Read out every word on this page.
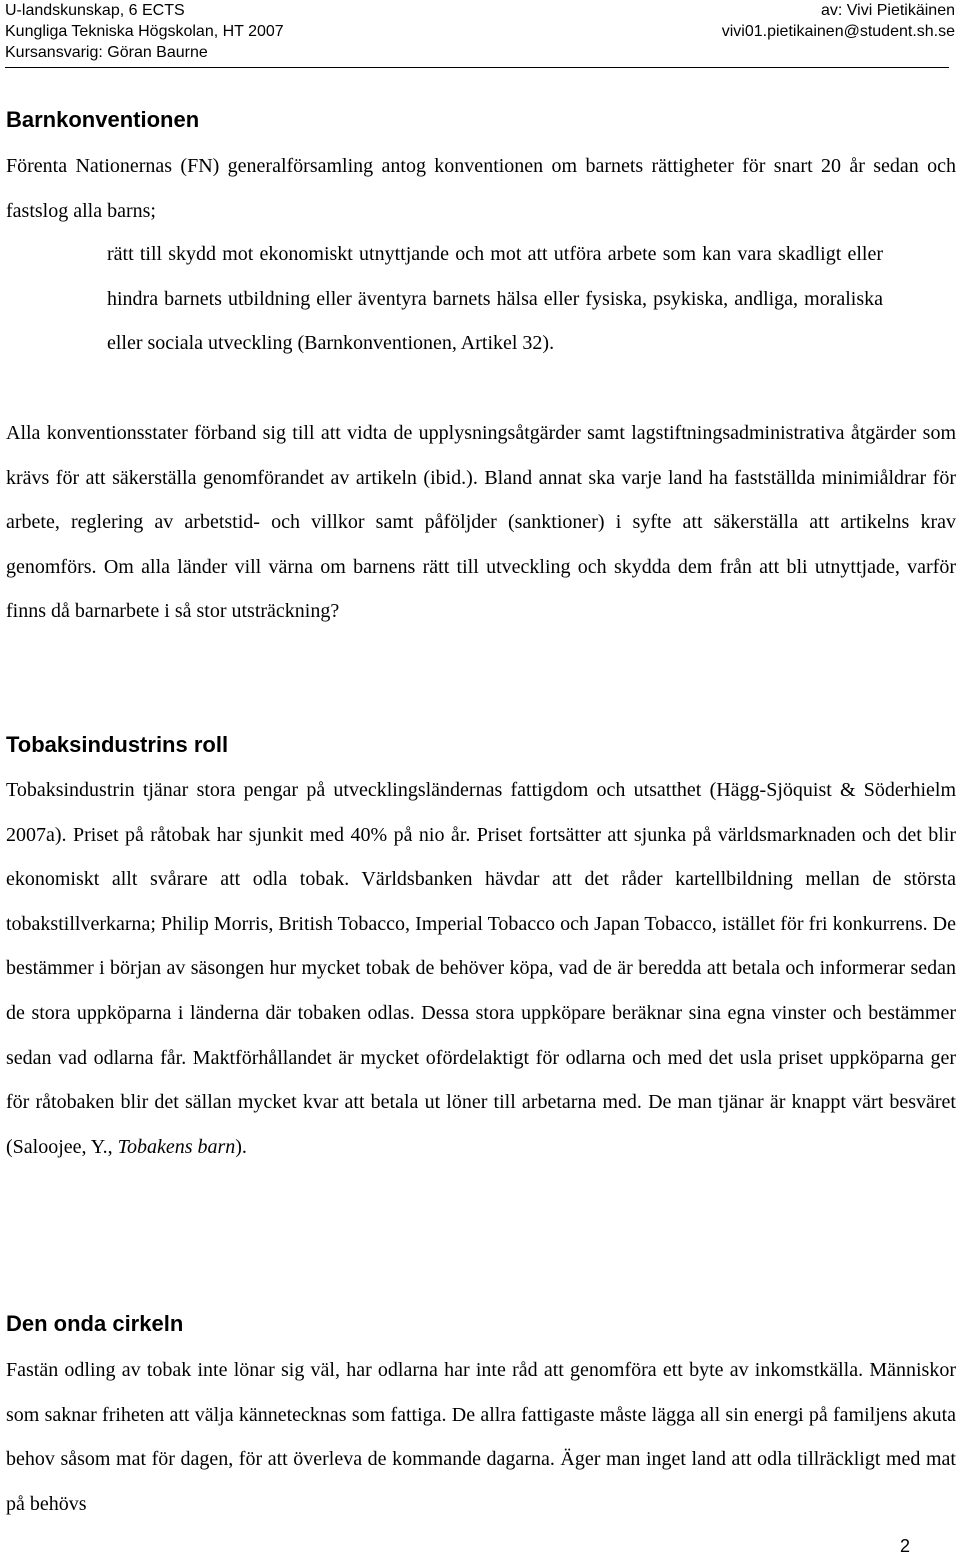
U-landskunskap, 6 ECTS
Kungliga Tekniska Högskolan, HT 2007
Kursansvarig: Göran Baurne
av: Vivi Pietikäinen
vivi01.pietikainen@student.sh.se
Barnkonventionen

Förenta Nationernas (FN) generalförsamling antog konventionen om barnets rättigheter för snart 20 år sedan och fastslog alla barns;

rätt till skydd mot ekonomiskt utnyttjande och mot att utföra arbete som kan vara skadligt eller hindra barnets utbildning eller äventyra barnets hälsa eller fysiska, psykiska, andliga, moraliska eller sociala utveckling (Barnkonventionen, Artikel 32).

Alla konventionsstater förband sig till att vidta de upplysningsåtgärder samt lagstiftningsadministrativa åtgärder som krävs för att säkerställa genomförandet av artikeln (ibid.). Bland annat ska varje land ha fastställda minimiåldrar för arbete, reglering av arbetstid- och villkor samt påföljder (sanktioner) i syfte att säkerställa att artikelns krav genomförs. Om alla länder vill värna om barnens rätt till utveckling och skydda dem från att bli utnyttjade, varför finns då barnarbete i så stor utsträckning?

Tobaksindustrins roll

Tobaksindustrin tjänar stora pengar på utvecklingsländernas fattigdom och utsatthet (Hägg-Sjöquist & Söderhielm 2007a). Priset på råtobak har sjunkit med 40% på nio år. Priset fortsätter att sjunka på världsmarknaden och det blir ekonomiskt allt svårare att odla tobak. Världsbanken hävdar att det råder kartellbildning mellan de största tobakstillverkarna; Philip Morris, British Tobacco, Imperial Tobacco och Japan Tobacco, istället för fri konkurrens. De bestämmer i början av säsongen hur mycket tobak de behöver köpa, vad de är beredda att betala och informerar sedan de stora uppköparna i länderna där tobaken odlas. Dessa stora uppköpare beräknar sina egna vinster och bestämmer sedan vad odlarna får. Maktförhållandet är mycket ofördelaktigt för odlarna och med det usla priset uppköparna ger för råtobaken blir det sällan mycket kvar att betala ut löner till arbetarna med. De man tjänar är knappt värt besväret (Saloojee, Y., Tobakens barn).

Den onda cirkeln

Fastän odling av tobak inte lönar sig väl, har odlarna har inte råd att genomföra ett byte av inkomstkälla. Människor som saknar friheten att välja kännetecknas som fattiga. De allra fattigaste måste lägga all sin energi på familjens akuta behov såsom mat för dagen, för att överleva de kommande dagarna. Äger man inget land att odla tillräckligt med mat på behövs

2
